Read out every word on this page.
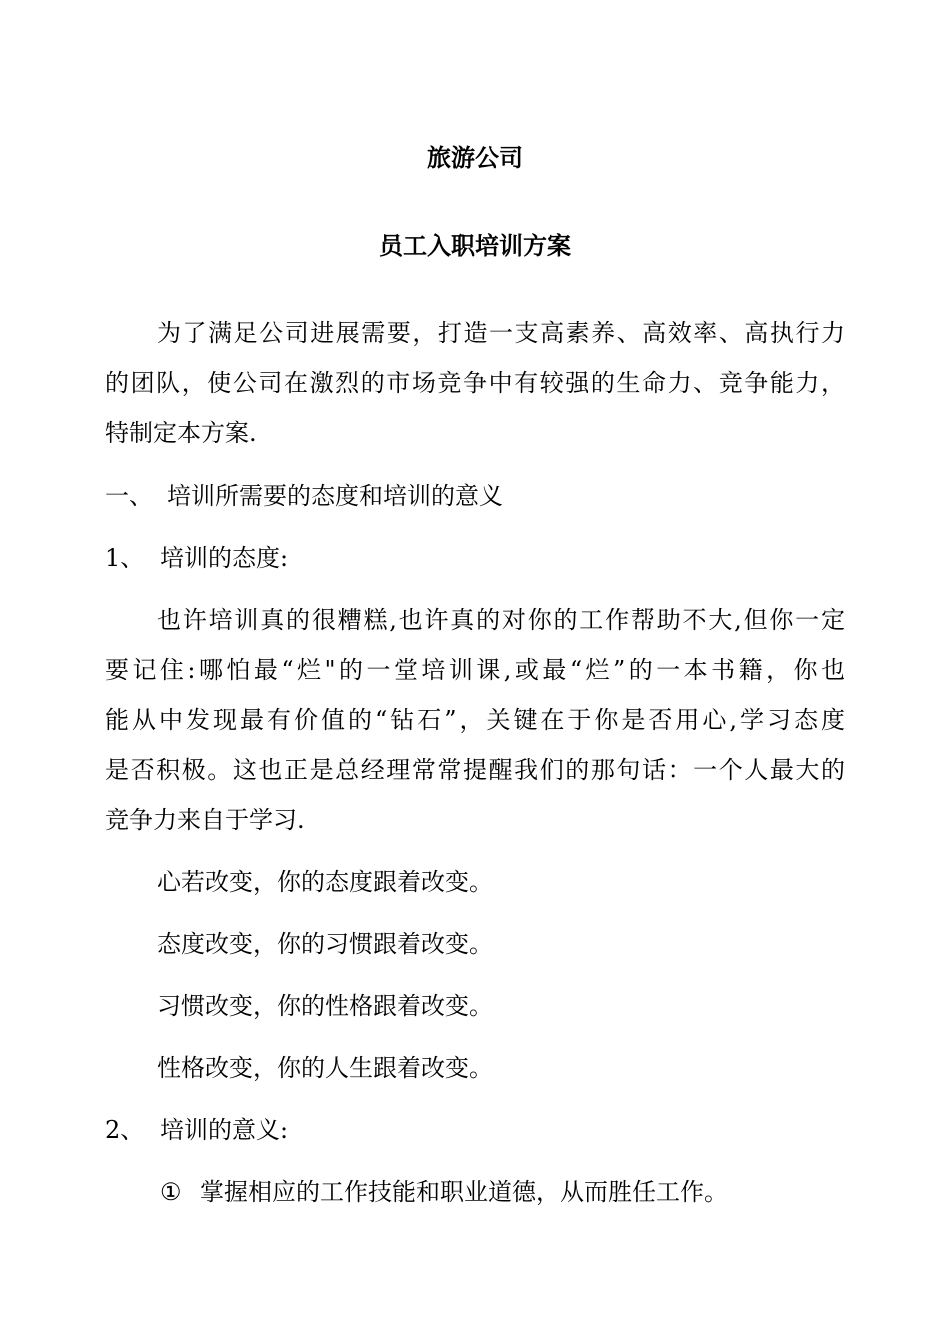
旅游公司
员工入职培训方案
为了满足公司进展需要，打造一支高素养、高效率、高执行力
的团队，使公司在激烈的市场竞争中有较强的生命力、竞争能力，
特制定本方案.
一、 培训所需要的态度和培训的意义
1、 培训的态度:
也许培训真的很糟糕,也许真的对你的工作帮助不大,但你一定
要记住:哪怕最“烂"的一堂培训课,或最“烂”的一本书籍，你也
能从中发现最有价值的“钻石”，关键在于你是否用心,学习态度
是否积极。这也正是总经理常常提醒我们的那句话：一个人最大的
竞争力来自于学习.
心若改变，你的态度跟着改变。
态度改变，你的习惯跟着改变。
习惯改变，你的性格跟着改变。
性格改变，你的人生跟着改变。
2、 培训的意义:
① 掌握相应的工作技能和职业道德，从而胜任工作。
